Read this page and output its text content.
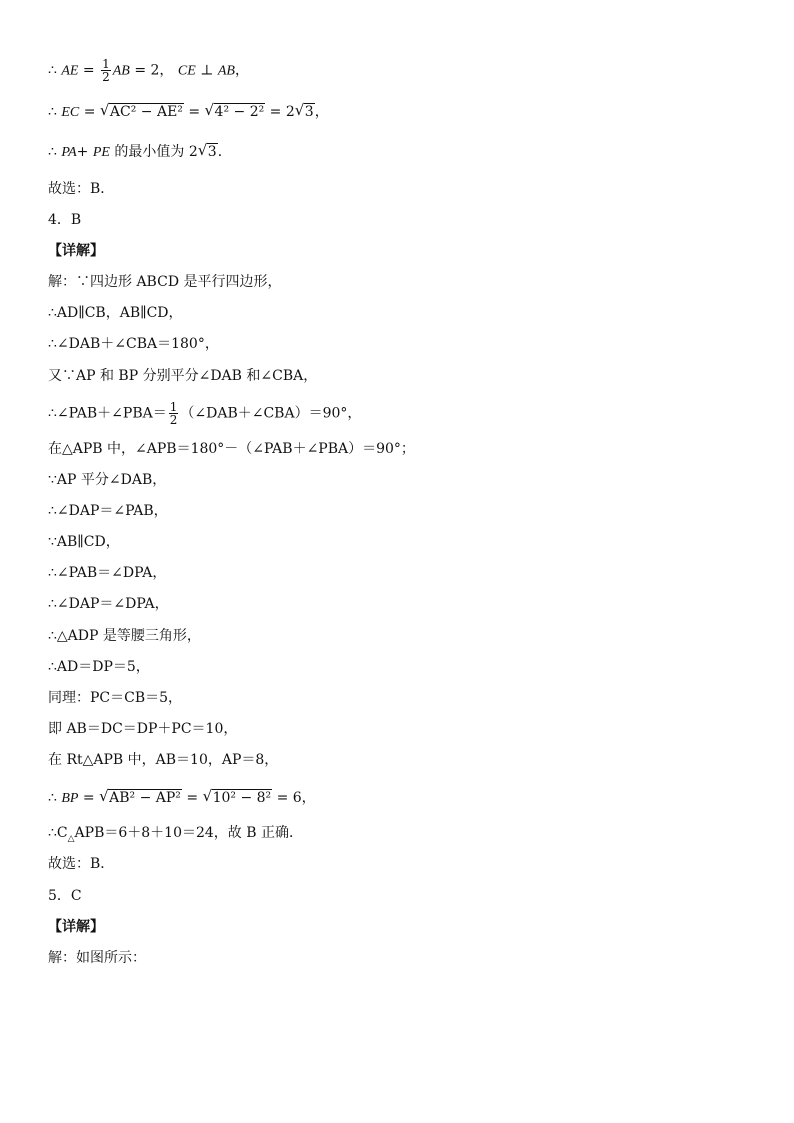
∴ AE = $\frac{1}{2}$ AB = 2， CE ⊥ AB，
∴ EC = √ AC² − AE² = √ 4² − 2² = 2 √ 3，
∴ PA+ PE 的最小值为 2 √ 3．
故选：B．
4．B
【详解】
解：∵四边形 ABCD 是平行四边形，
∴AD∥CB，AB∥CD，
∴∠DAB＋∠CBA＝180°，
又∵AP 和 BP 分别平分∠DAB 和∠CBA，
∴∠PAB＋∠PBA＝ $\frac{1}{2}$ （∠DAB＋∠CBA）＝90°，
在△APB 中，∠APB＝180°－（∠PAB＋∠PBA）＝90°；
∵AP 平分∠DAB，
∴∠DAP＝∠PAB，
∵AB∥CD，
∴∠PAB＝∠DPA，
∴∠DAP＝∠DPA，
∴△ADP 是等腰三角形，
∴AD＝DP＝5，
同理：PC＝CB＝5，
即 AB＝DC＝DP＋PC＝10，
在 Rt△APB 中，AB＝10，AP＝8，
∴ BP = √ AB² − AP² = √ 10² − 8² = 6，
$\therefore C_\triangle APB=6+8+10=24$，故 B 正确．
故选：B．
5．C
【详解】
解：如图所示：
